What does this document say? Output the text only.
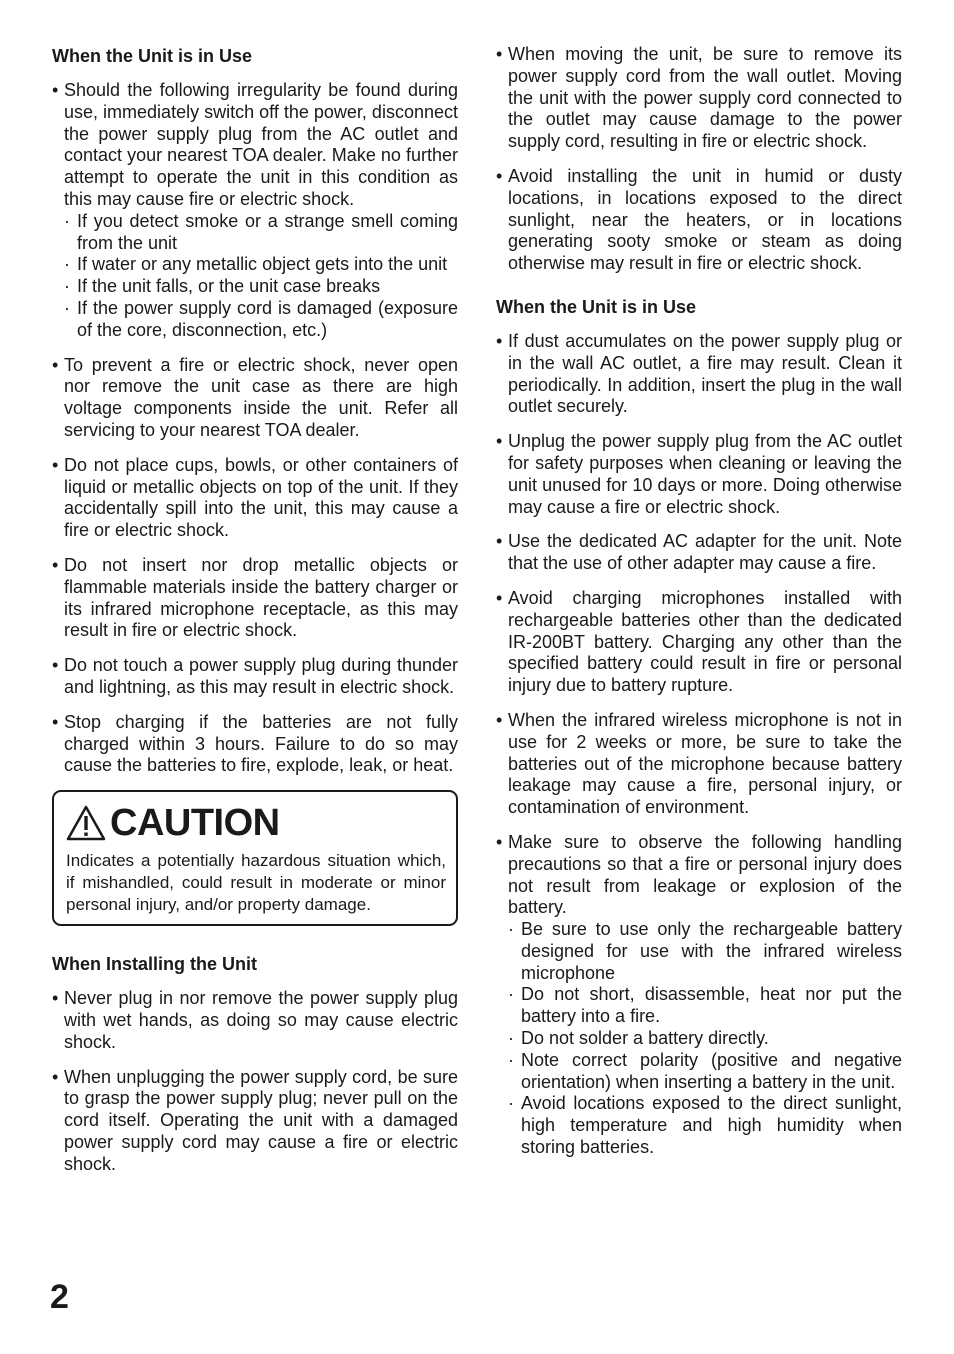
When the Unit is in Use
• Should the following irregularity be found during use, immediately switch off the power, disconnect the power supply plug from the AC outlet and contact your nearest TOA dealer. Make no further attempt to operate the unit in this condition as this may cause fire or electric shock.
· If you detect smoke or a strange smell coming from the unit
· If water or any metallic object gets into the unit
· If the unit falls, or the unit case breaks
· If the power supply cord is damaged (exposure of the core, disconnection, etc.)
• To prevent a fire or electric shock, never open nor remove the unit case as there are high voltage components inside the unit. Refer all servicing to your nearest TOA dealer.
• Do not place cups, bowls, or other containers of liquid or metallic objects on top of the unit. If they accidentally spill into the unit, this may cause a fire or electric shock.
• Do not insert nor drop metallic objects or flammable materials inside the battery charger or its infrared microphone receptacle, as this may result in fire or electric shock.
• Do not touch a power supply plug during thunder and lightning, as this may result in electric shock.
• Stop charging if the batteries are not fully charged within 3 hours. Failure to do so may cause the batteries to fire, explode, leak, or heat.
CAUTION
Indicates a potentially hazardous situation which, if mishandled, could result in moderate or minor personal injury, and/or property damage.
When Installing the Unit
• Never plug in nor remove the power supply plug with wet hands, as doing so may cause electric shock.
• When unplugging the power supply cord, be sure to grasp the power supply plug; never pull on the cord itself. Operating the unit with a damaged power supply cord may cause a fire or electric shock.
• When moving the unit, be sure to remove its power supply cord from the wall outlet. Moving the unit with the power supply cord connected to the outlet may cause damage to the power supply cord, resulting in fire or electric shock.
• Avoid installing the unit in humid or dusty locations, in locations exposed to the direct sunlight, near the heaters, or in locations generating sooty smoke or steam as doing otherwise may result in fire or electric shock.
When the Unit is in Use
• If dust accumulates on the power supply plug or in the wall AC outlet, a fire may result. Clean it periodically. In addition, insert the plug in the wall outlet securely.
• Unplug the power supply plug from the AC outlet for safety purposes when cleaning or leaving the unit unused for 10 days or more. Doing otherwise may cause a fire or electric shock.
• Use the dedicated AC adapter for the unit. Note that the use of other adapter may cause a fire.
• Avoid charging microphones installed with rechargeable batteries other than the dedicated IR-200BT battery. Charging any other than the specified battery could result in fire or personal injury due to battery rupture.
• When the infrared wireless microphone is not in use for 2 weeks or more, be sure to take the batteries out of the microphone because battery leakage may cause a fire, personal injury, or contamination of environment.
• Make sure to observe the following handling precautions so that a fire or personal injury does not result from leakage or explosion of the battery.
· Be sure to use only the rechargeable battery designed for use with the infrared wireless microphone
· Do not short, disassemble, heat nor put the battery into a fire.
· Do not solder a battery directly.
· Note correct polarity (positive and negative orientation) when inserting a battery in the unit.
· Avoid locations exposed to the direct sunlight, high temperature and high humidity when storing batteries.
2
